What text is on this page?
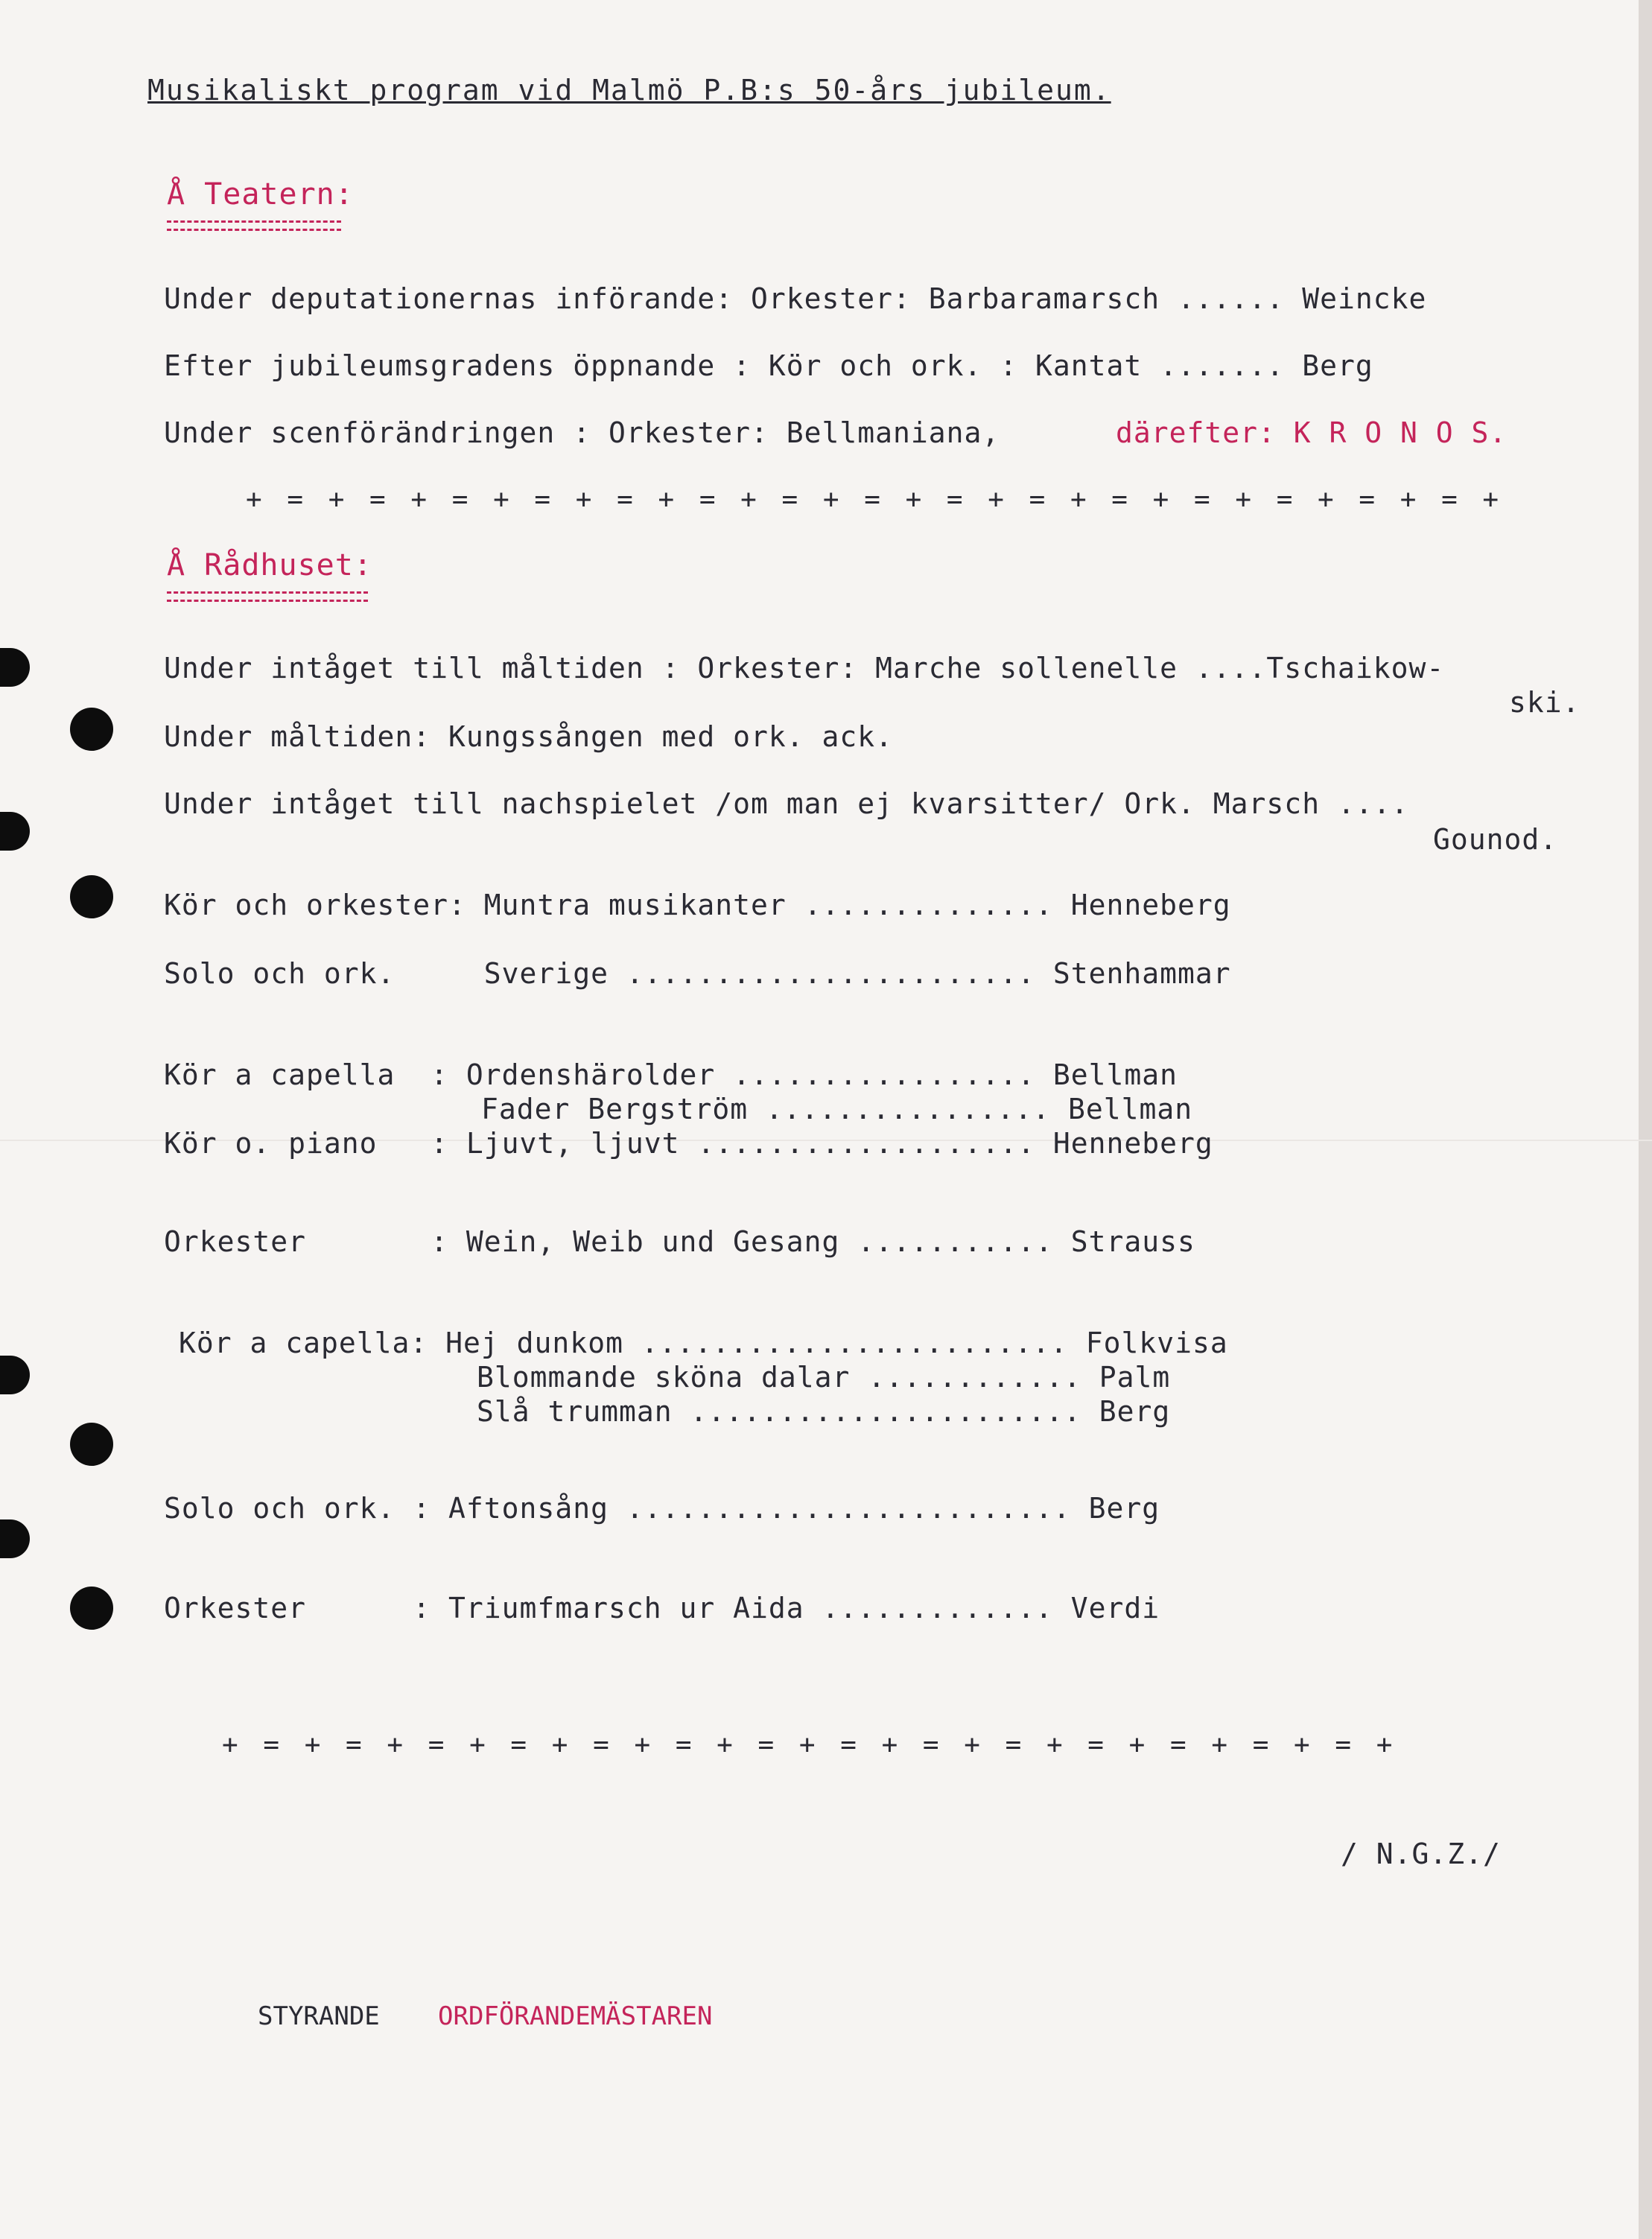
Musikaliskt program vid Malmö P.B:s 50-års jubileum.
Å Teatern:
Under deputationernas införande: Orkester: Barbaramarsch ...... Weincke
Efter jubileumsgradens öppnande : Kör och ork. : Kantat ....... Berg
Under scenförändringen : Orkester: Bellmaniana,	därefter: K R O N O S.
+ = + = + = + = + = + = + = + = + = + = + = + = + = + = + = +
Å Rådhuset:
Under intåget till måltiden : Orkester: Marche sollenelle ....Tschaikow-
ski.
Under måltiden: Kungssången med ork. ack.
Under intåget till nachspielet /om man ej kvarsitter/ Ork. Marsch ....
Gounod.
Kör och orkester: Muntra musikanter .............. Henneberg
Solo och ork.     Sverige ....................... Stenhammar
Kör a capella  : Ordenshärolder ................. Bellman
Fader Bergström ................ Bellman
Kör o. piano   : Ljuvt, ljuvt ................... Henneberg
Orkester       : Wein, Weib und Gesang ........... Strauss
Kör a capella: Hej dunkom ........................ Folkvisa
Blommande sköna dalar ............ Palm
Slå trumman ...................... Berg
Solo och ork. : Aftonsång ......................... Berg
Orkester      : Triumfmarsch ur Aida ............. Verdi
+ = + = + = + = + = + = + = + = + = + = + = + = + = + = +
/ N.G.Z./
STYRANDE ORDFÖRANDEMÄSTAREN
